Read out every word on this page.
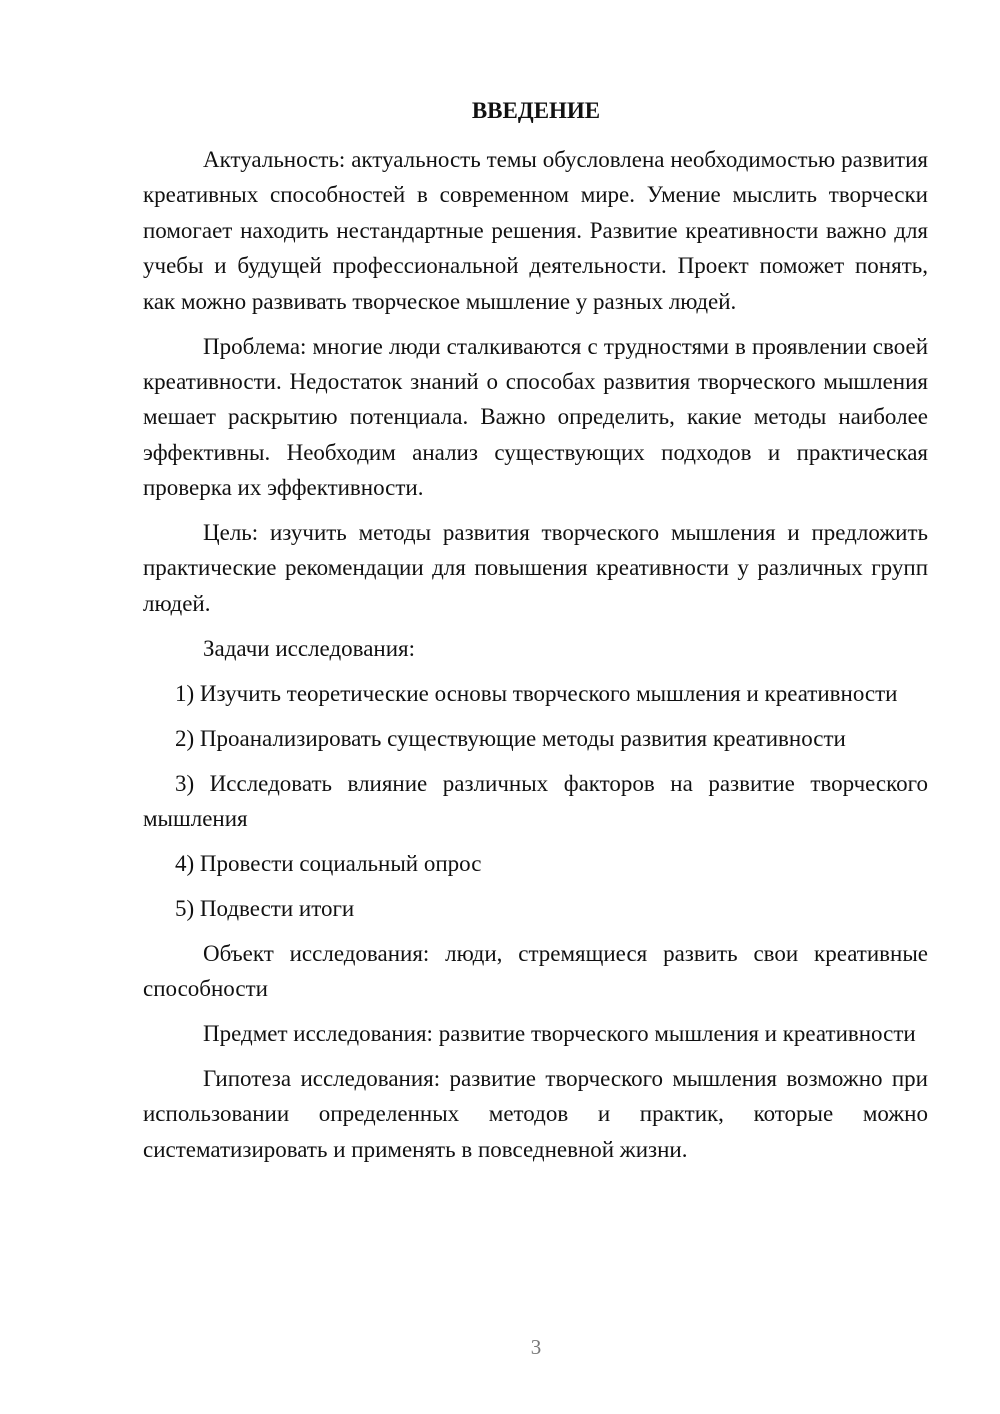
ВВЕДЕНИЕ

Актуальность: актуальность темы обусловлена необходимостью развития креативных способностей в современном мире. Умение мыслить творчески помогает находить нестандартные решения. Развитие креативности важно для учебы и будущей профессиональной деятельности. Проект поможет понять, как можно развивать творческое мышление у разных людей.

Проблема: многие люди сталкиваются с трудностями в проявлении своей креативности. Недостаток знаний о способах развития творческого мышления мешает раскрытию потенциала. Важно определить, какие методы наиболее эффективны. Необходим анализ существующих подходов и практическая проверка их эффективности.

Цель: изучить методы развития творческого мышления и предложить практические рекомендации для повышения креативности у различных групп людей.

Задачи исследования:

1) Изучить теоретические основы творческого мышления и креативности

2) Проанализировать существующие методы развития креативности

3) Исследовать влияние различных факторов на развитие творческого мышления

4) Провести социальный опрос

5) Подвести итоги

Объект исследования: люди, стремящиеся развить свои креативные способности

Предмет исследования: развитие творческого мышления и креативности

Гипотеза исследования: развитие творческого мышления возможно при использовании определенных методов и практик, которые можно систематизировать и применять в повседневной жизни.

3
